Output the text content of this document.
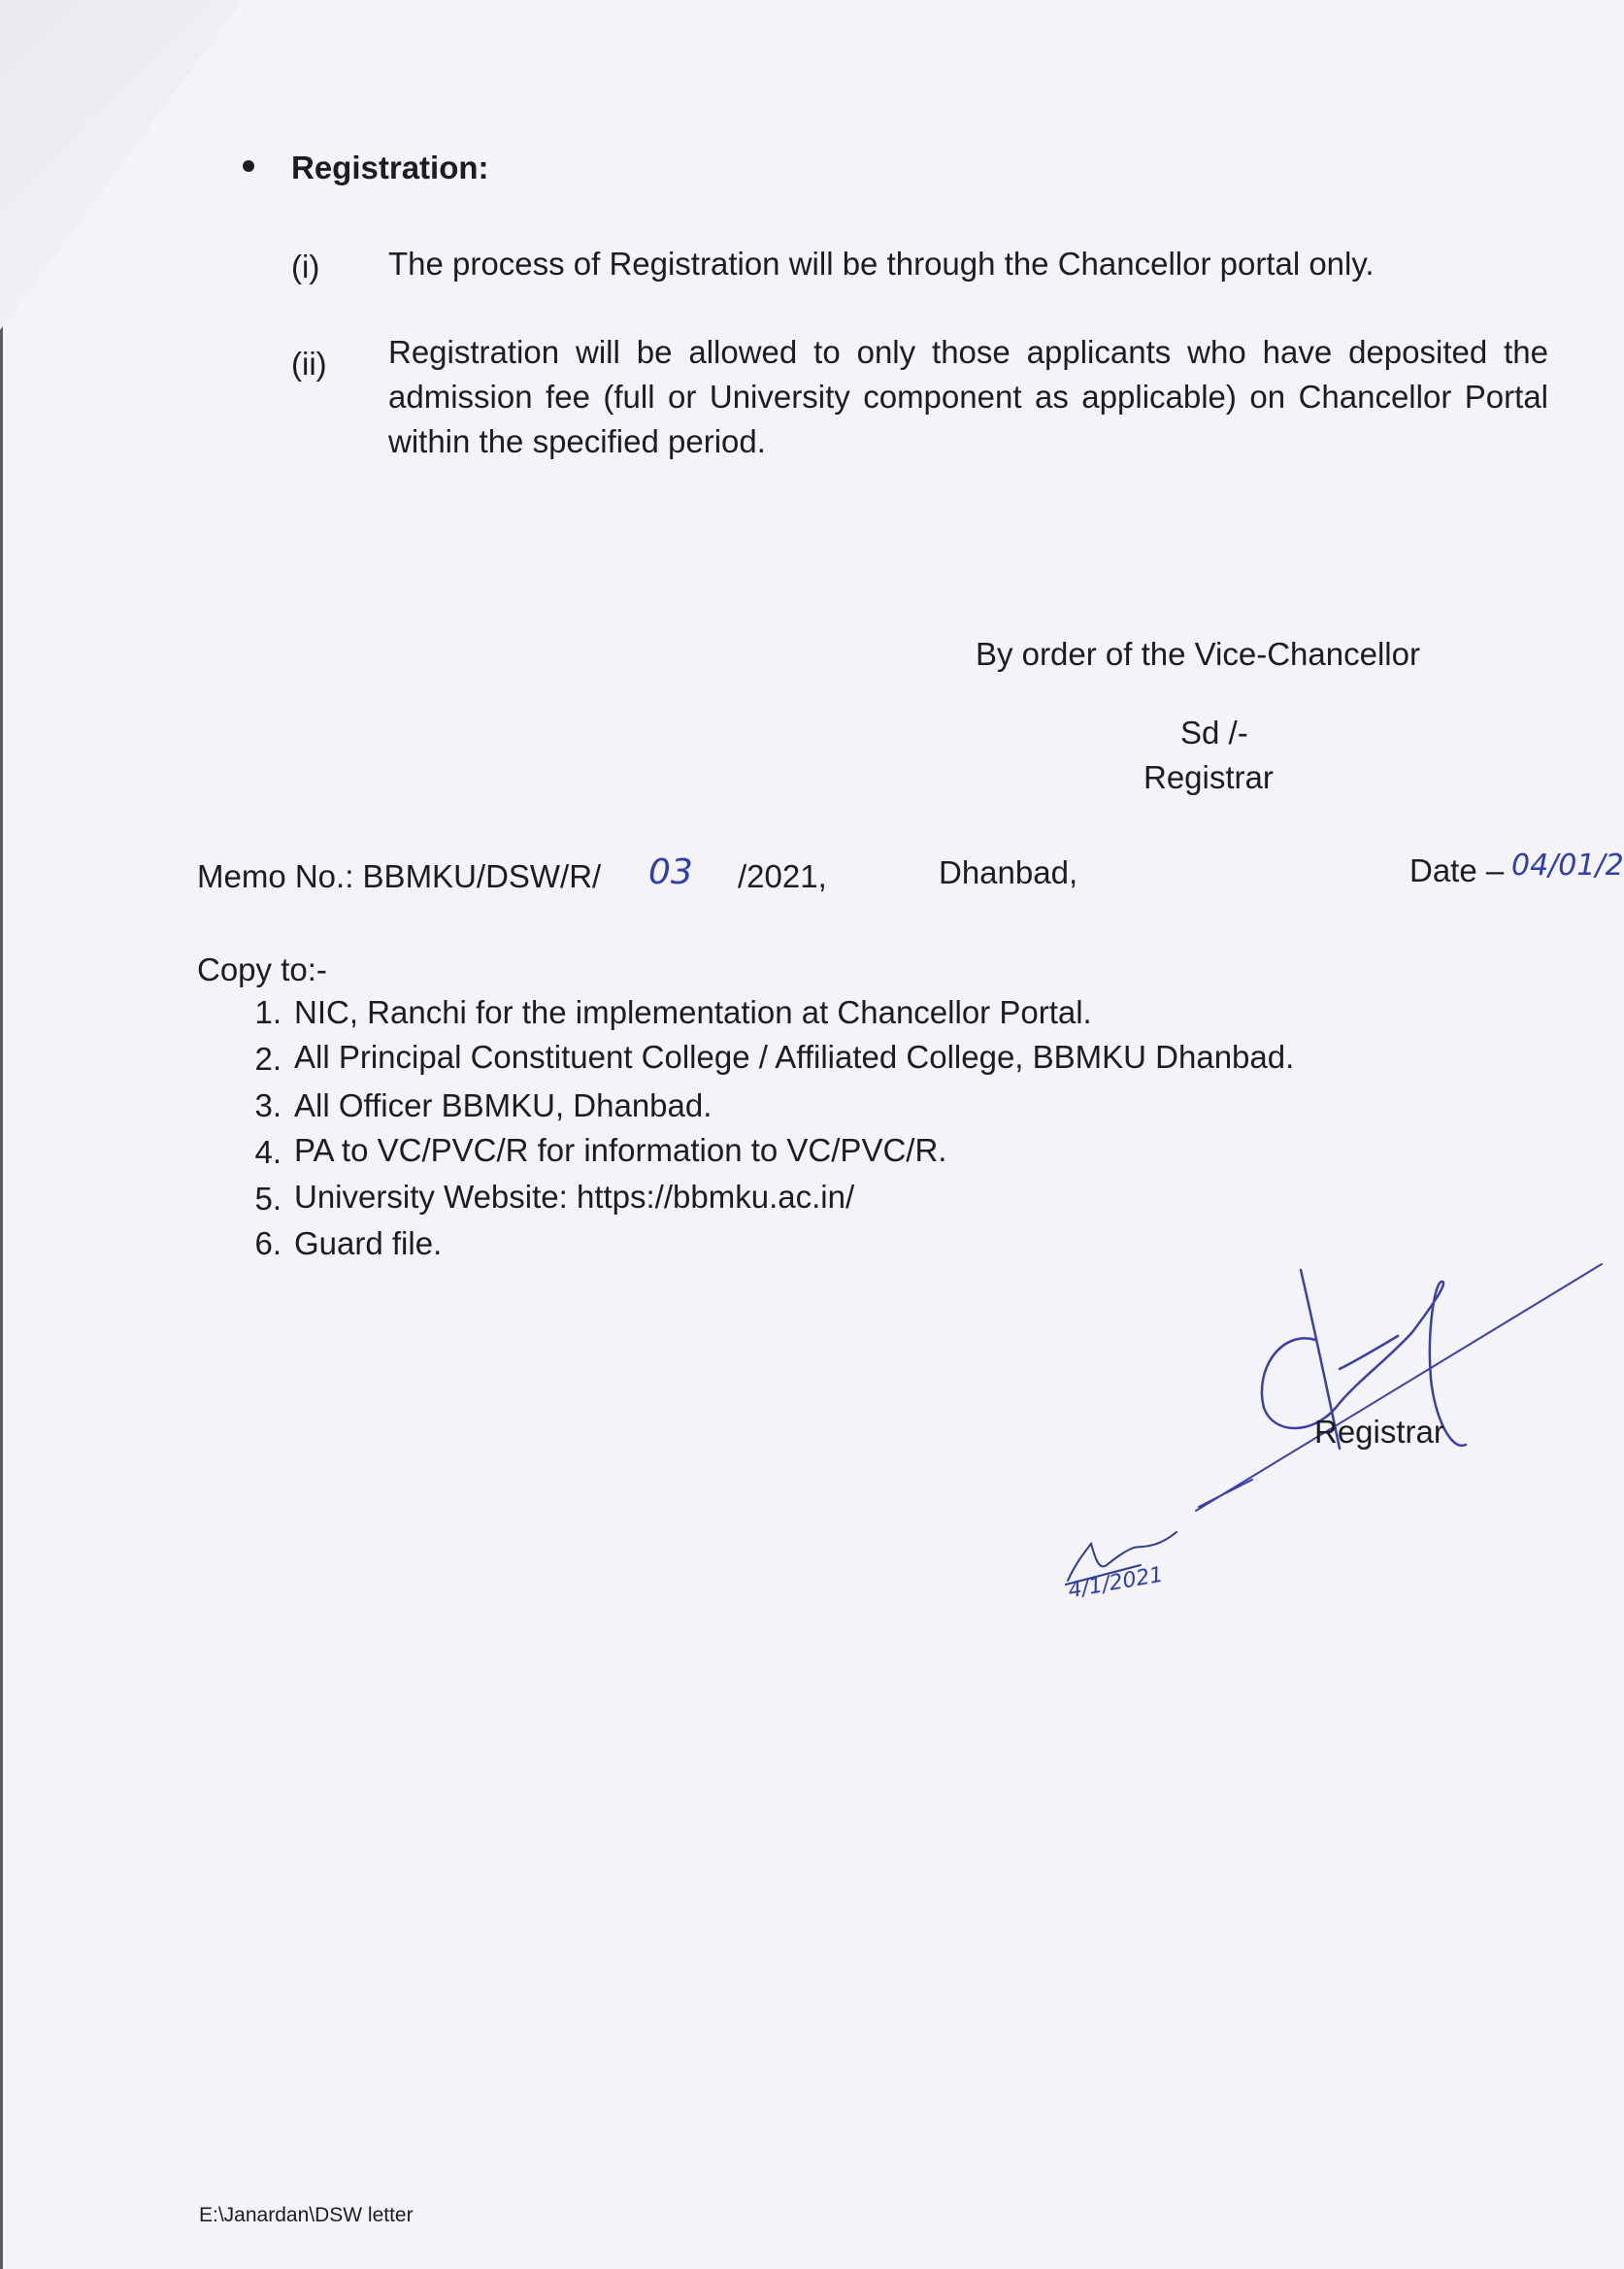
Registration:
(i) The process of Registration will be through the Chancellor portal only.
(ii) Registration will be allowed to only those applicants who have deposited the admission fee (full or University component as applicable) on Chancellor Portal within the specified period.
By order of the Vice-Chancellor
Sd /-
Registrar
Memo No.: BBMKU/DSW/R/ 03 /2021,	Dhanbad,	Date – 04/01/2
Copy to:-
1. NIC, Ranchi for the implementation at Chancellor Portal.
2. All Principal Constituent College / Affiliated College, BBMKU Dhanbad.
3. All Officer BBMKU, Dhanbad.
4. PA to VC/PVC/R for information to VC/PVC/R.
5. University Website: https://bbmku.ac.in/
6. Guard file.
Registrar
4/1/2021
E:\Janardan\DSW letter
